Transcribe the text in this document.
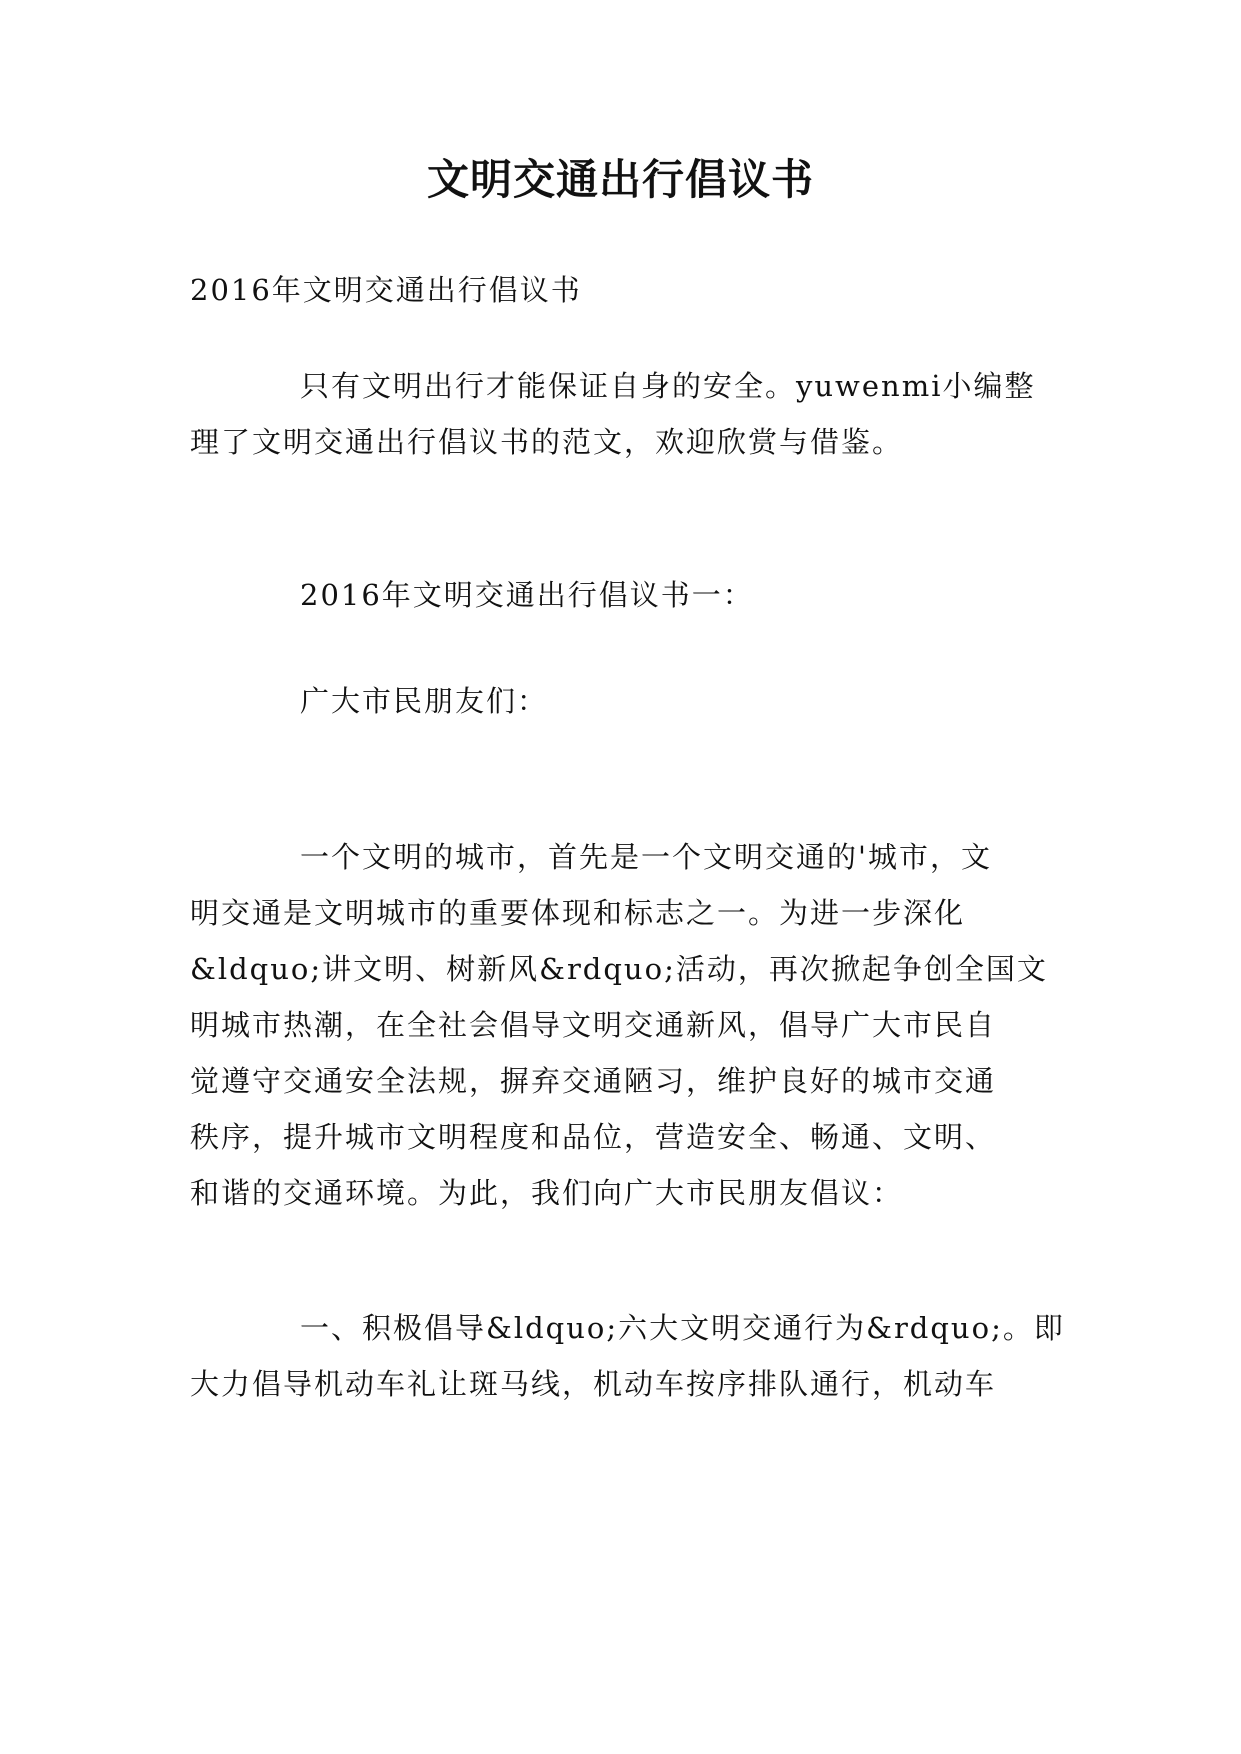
文明交通出行倡议书

2016年文明交通出行倡议书

只有文明出行才能保证自身的安全。yuwenmi小编整
理了文明交通出行倡议书的范文，欢迎欣赏与借鉴。

2016年文明交通出行倡议书一：

广大市民朋友们：

一个文明的城市，首先是一个文明交通的'城市，文
明交通是文明城市的重要体现和标志之一。为进一步深化
&ldquo;讲文明、树新风&rdquo;活动，再次掀起争创全国文
明城市热潮，在全社会倡导文明交通新风，倡导广大市民自
觉遵守交通安全法规，摒弃交通陋习，维护良好的城市交通
秩序，提升城市文明程度和品位，营造安全、畅通、文明、
和谐的交通环境。为此，我们向广大市民朋友倡议：

一、积极倡导&ldquo;六大文明交通行为&rdquo;。即
大力倡导机动车礼让斑马线，机动车按序排队通行，机动车
